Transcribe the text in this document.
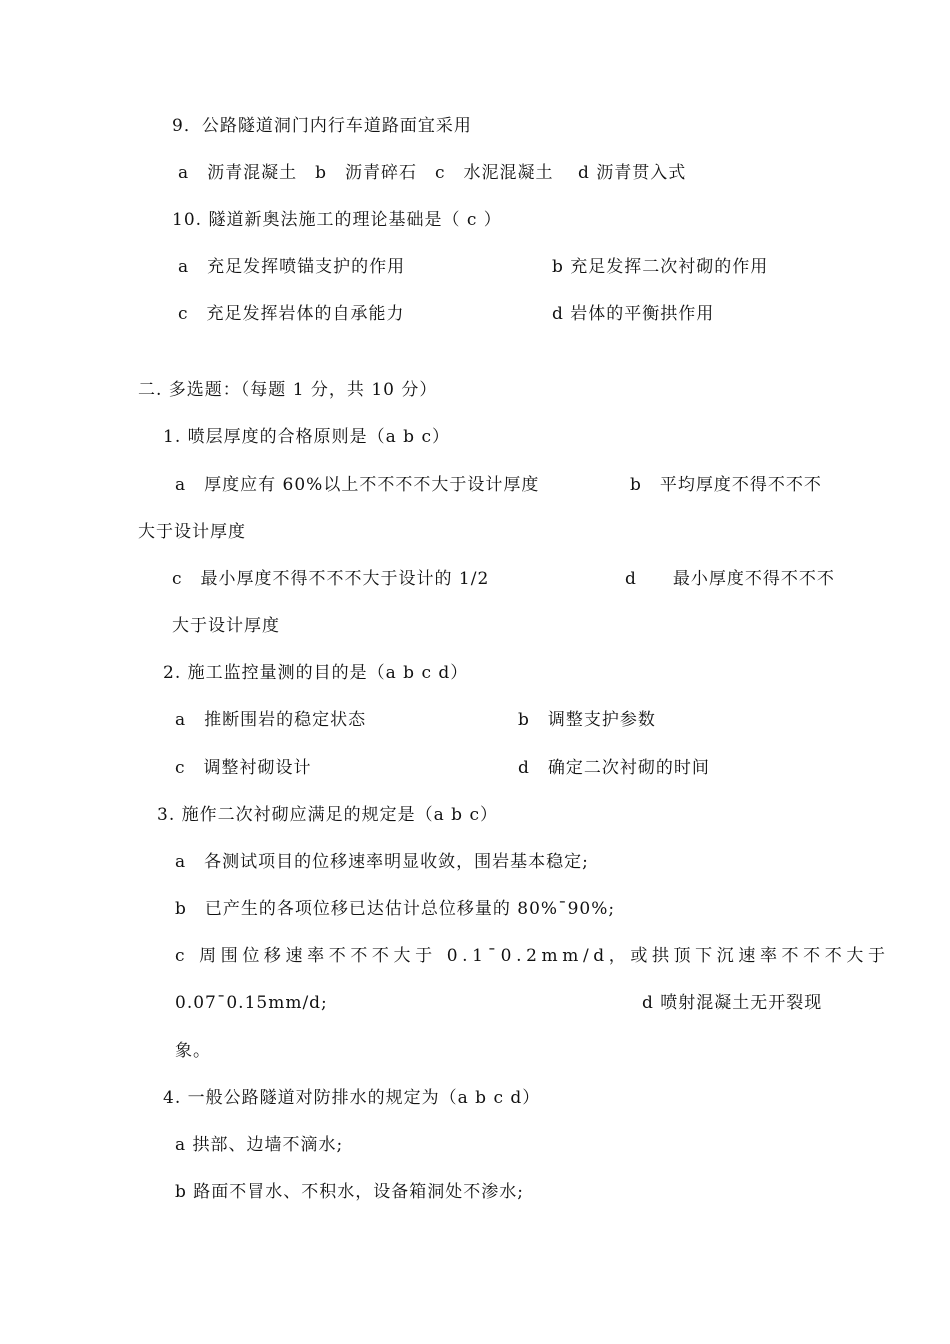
9．公路隧道洞门内行车道路面宜采用
a　沥青混凝土　b　沥青碎石　c　水泥混凝土　 d 沥青贯入式
10. 隧道新奥法施工的理论基础是（ c ）
a　充足发挥喷锚支护的作用	b 充足发挥二次衬砌的作用
c　充足发挥岩体的自承能力	d 岩体的平衡拱作用
二. 多选题：（每题 1 分，共 10 分）
1. 喷层厚度的合格原则是（a b c）
a　厚度应有 60%以上不不不不大于设计厚度	b　平均厚度不得不不不
大于设计厚度
c　最小厚度不得不不不大于设计的 1/2	d　　最小厚度不得不不不
大于设计厚度
2. 施工监控量测的目的是（a b c d）
a　推断围岩的稳定状态	b　调整支护参数
c　调整衬砌设计	d　确定二次衬砌的时间
3. 施作二次衬砌应满足的规定是（a b c）
a　各测试项目的位移速率明显收敛，围岩基本稳定;
b　已产生的各项位移已达估计总位移量的 80%¯90%;
c 周围位移速率不不不大于 0.1¯0.2mm/d，或拱顶下沉速率不不不大于
0.07¯0.15mm/d;	d 喷射混凝土无开裂现
象。
4. 一般公路隧道对防排水的规定为（a b c d）
a 拱部、边墙不滴水;
b 路面不冒水、不积水，设备箱洞处不渗水;
